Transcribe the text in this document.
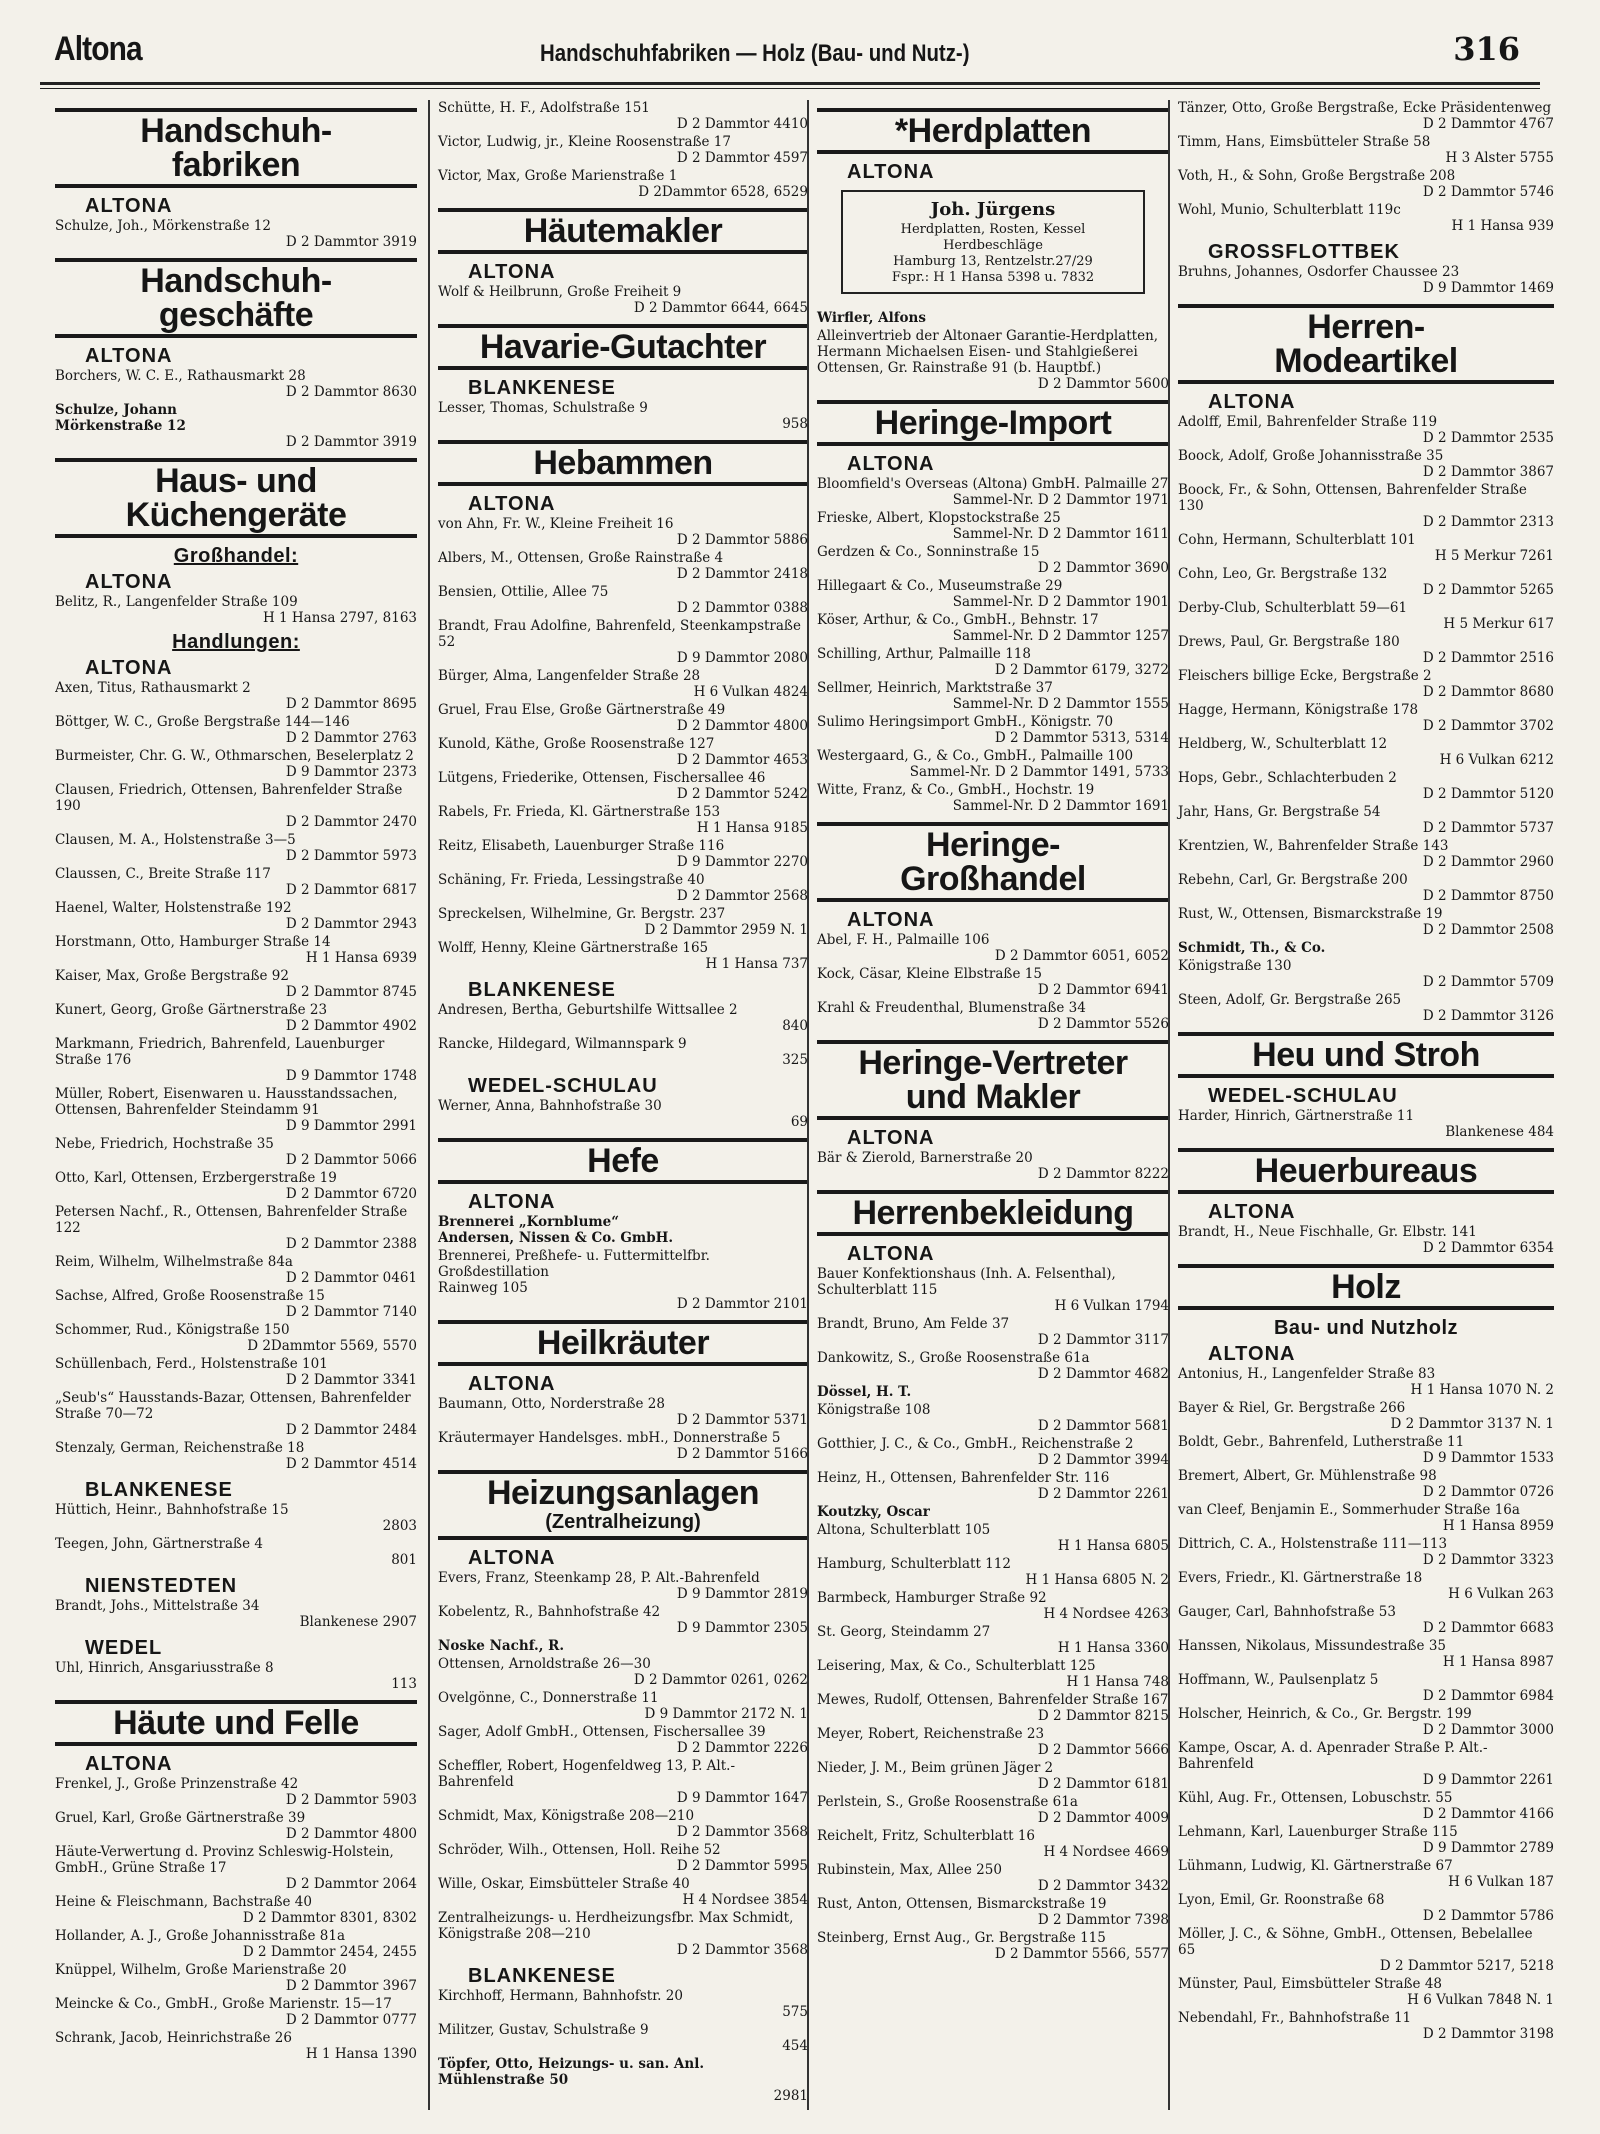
Altona	Handschuhfabriken — Holz (Bau- und Nutz-)	316
Handschuh-
fabriken
ALTONA
Schulze, Joh., Mörkenstraße 12
D 2 Dammtor 3919
Handschuh-
geschäfte
ALTONA
Borchers, W. C. E., Rathausmarkt 28
D 2 Dammtor 8630
Schulze, Johann
Mörkenstraße 12
D 2 Dammtor 3919
Haus- und
Küchengeräte
Großhandel:
ALTONA
Belitz, R., Langenfelder Straße 109
H 1 Hansa 2797, 8163
Handlungen:
ALTONA
Axen, Titus, Rathausmarkt 2
D 2 Dammtor 8695
Böttger, W. C., Große Bergstraße 144—146
D 2 Dammtor 2763
Burmeister, Chr. G. W., Othmarschen, Beselerplatz 2
D 9 Dammtor 2373
Clausen, Friedrich, Ottensen, Bahrenfelder Straße 190
D 2 Dammtor 2470
Clausen, M. A., Holstenstraße 3—5
D 2 Dammtor 5973
Claussen, C., Breite Straße 117
D 2 Dammtor 6817
Haenel, Walter, Holstenstraße 192
D 2 Dammtor 2943
Horstmann, Otto, Hamburger Straße 14
H 1 Hansa 6939
Kaiser, Max, Große Bergstraße 92
D 2 Dammtor 8745
Kunert, Georg, Große Gärtnerstraße 23
D 2 Dammtor 4902
Markmann, Friedrich, Bahrenfeld, Lauenburger Straße 176
D 9 Dammtor 1748
Müller, Robert, Eisenwaren u. Hausstandssachen, Ottensen, Bahrenfelder Steindamm 91
D 9 Dammtor 2991
Nebe, Friedrich, Hochstraße 35
D 2 Dammtor 5066
Otto, Karl, Ottensen, Erzbergerstraße 19
D 2 Dammtor 6720
Petersen Nachf., R., Ottensen, Bahrenfelder Straße 122
D 2 Dammtor 2388
Reim, Wilhelm, Wilhelmstraße 84a
D 2 Dammtor 0461
Sachse, Alfred, Große Roosenstraße 15
D 2 Dammtor 7140
Schommer, Rud., Königstraße 150
D 2Dammtor 5569, 5570
Schüllenbach, Ferd., Holstenstraße 101
D 2 Dammtor 3341
„Seub's“ Hausstands-Bazar, Ottensen, Bahrenfelder Straße 70—72
D 2 Dammtor 2484
Stenzaly, German, Reichenstraße 18
D 2 Dammtor 4514
BLANKENESE
Hüttich, Heinr., Bahnhofstraße 15
2803
Teegen, John, Gärtnerstraße 4
801
NIENSTEDTEN
Brandt, Johs., Mittelstraße 34
Blankenese 2907
WEDEL
Uhl, Hinrich, Ansgariusstraße 8
113
Häute und Felle
ALTONA
Frenkel, J., Große Prinzenstraße 42
D 2 Dammtor 5903
Gruel, Karl, Große Gärtnerstraße 39
D 2 Dammtor 4800
Häute-Verwertung d. Provinz Schleswig-Holstein, GmbH., Grüne Straße 17
D 2 Dammtor 2064
Heine & Fleischmann, Bachstraße 40
D 2 Dammtor 8301, 8302
Hollander, A. J., Große Johannisstraße 81a
D 2 Dammtor 2454, 2455
Knüppel, Wilhelm, Große Marienstraße 20
D 2 Dammtor 3967
Meincke & Co., GmbH., Große Marienstr. 15—17
D 2 Dammtor 0777
Schrank, Jacob, Heinrichstraße 26
H 1 Hansa 1390
Schütte, H. F., Adolfstraße 151
D 2 Dammtor 4410
Victor, Ludwig, jr., Kleine Roosenstraße 17
D 2 Dammtor 4597
Victor, Max, Große Marienstraße 1
D 2Dammtor 6528, 6529
Häutemakler
ALTONA
Wolf & Heilbrunn, Große Freiheit 9
D 2 Dammtor 6644, 6645
Havarie-Gutachter
BLANKENESE
Lesser, Thomas, Schulstraße 9
958
Hebammen
ALTONA
von Ahn, Fr. W., Kleine Freiheit 16
D 2 Dammtor 5886
Albers, M., Ottensen, Große Rainstraße 4
D 2 Dammtor 2418
Bensien, Ottilie, Allee 75
D 2 Dammtor 0388
Brandt, Frau Adolfine, Bahrenfeld, Steenkampstraße 52
D 9 Dammtor 2080
Bürger, Alma, Langenfelder Straße 28
H 6 Vulkan 4824
Gruel, Frau Else, Große Gärtnerstraße 49
D 2 Dammtor 4800
Kunold, Käthe, Große Roosenstraße 127
D 2 Dammtor 4653
Lütgens, Friederike, Ottensen, Fischersallee 46
D 2 Dammtor 5242
Rabels, Fr. Frieda, Kl. Gärtnerstraße 153
H 1 Hansa 9185
Reitz, Elisabeth, Lauenburger Straße 116
D 9 Dammtor 2270
Schäning, Fr. Frieda, Lessingstraße 40
D 2 Dammtor 2568
Spreckelsen, Wilhelmine, Gr. Bergstr. 237
D 2 Dammtor 2959 N. 1
Wolff, Henny, Kleine Gärtnerstraße 165
H 1 Hansa 737
BLANKENESE
Andresen, Bertha, Geburtshilfe Wittsallee 2
840
Rancke, Hildegard, Wilmannspark 9
325
WEDEL-SCHULAU
Werner, Anna, Bahnhofstraße 30
69
Hefe
ALTONA
Brennerei „Kornblume“
Andersen, Nissen & Co. GmbH.
Brennerei, Preßhefe- u. Futtermittelfbr. Großdestillation
Rainweg 105
D 2 Dammtor 2101
Heilkräuter
ALTONA
Baumann, Otto, Norderstraße 28
D 2 Dammtor 5371
Kräutermayer Handelsges. mbH., Donnerstraße 5
D 2 Dammtor 5166
Heizungsanlagen
(Zentralheizung)
ALTONA
Evers, Franz, Steenkamp 28, P. Alt.-Bahrenfeld
D 9 Dammtor 2819
Kobelentz, R., Bahnhofstraße 42
D 9 Dammtor 2305
Noske Nachf., R.
Ottensen, Arnoldstraße 26—30
D 2 Dammtor 0261, 0262
Ovelgönne, C., Donnerstraße 11
D 9 Dammtor 2172 N. 1
Sager, Adolf GmbH., Ottensen, Fischersallee 39
D 2 Dammtor 2226
Scheffler, Robert, Hogenfeldweg 13, P. Alt.-Bahrenfeld
D 9 Dammtor 1647
Schmidt, Max, Königstraße 208—210
D 2 Dammtor 3568
Schröder, Wilh., Ottensen, Holl. Reihe 52
D 2 Dammtor 5995
Wille, Oskar, Eimsbütteler Straße 40
H 4 Nordsee 3854
Zentralheizungs- u. Herdheizungsfbr. Max Schmidt, Königstraße 208—210
D 2 Dammtor 3568
BLANKENESE
Kirchhoff, Hermann, Bahnhofstr. 20
575
Militzer, Gustav, Schulstraße 9
454
Töpfer, Otto, Heizungs- u. san. Anl. Mühlenstraße 50
2981
*Herdplatten
ALTONA
Joh. Jürgens
Herdplatten, Rosten, Kessel
Herdbeschläge
Hamburg 13, Rentzelstr.27/29
Fspr.: H 1 Hansa 5398 u. 7832
Wirfler, Alfons
Alleinvertrieb der Altonaer Garantie-Herdplatten, Hermann Michaelsen Eisen- und Stahlgießerei Ottensen, Gr. Rainstraße 91 (b. Hauptbf.)
D 2 Dammtor 5600
Heringe-Import
ALTONA
Bloomfield's Overseas (Altona) GmbH. Palmaille 27
Sammel-Nr. D 2 Dammtor 1971
Frieske, Albert, Klopstockstraße 25
Sammel-Nr. D 2 Dammtor 1611
Gerdzen & Co., Sonninstraße 15
D 2 Dammtor 3690
Hillegaart & Co., Museumstraße 29
Sammel-Nr. D 2 Dammtor 1901
Köser, Arthur, & Co., GmbH., Behnstr. 17
Sammel-Nr. D 2 Dammtor 1257
Schilling, Arthur, Palmaille 118
D 2 Dammtor 6179, 3272
Sellmer, Heinrich, Marktstraße 37
Sammel-Nr. D 2 Dammtor 1555
Sulimo Heringsimport GmbH., Königstr. 70
D 2 Dammtor 5313, 5314
Westergaard, G., & Co., GmbH., Palmaille 100
Sammel-Nr. D 2 Dammtor 1491, 5733
Witte, Franz, & Co., GmbH., Hochstr. 19
Sammel-Nr. D 2 Dammtor 1691
Heringe-
Großhandel
ALTONA
Abel, F. H., Palmaille 106
D 2 Dammtor 6051, 6052
Kock, Cäsar, Kleine Elbstraße 15
D 2 Dammtor 6941
Krahl & Freudenthal, Blumenstraße 34
D 2 Dammtor 5526
Heringe-Vertreter
und Makler
ALTONA
Bär & Zierold, Barnerstraße 20
D 2 Dammtor 8222
Herrenbekleidung
ALTONA
Bauer Konfektionshaus (Inh. A. Felsenthal), Schulterblatt 115
H 6 Vulkan 1794
Brandt, Bruno, Am Felde 37
D 2 Dammtor 3117
Dankowitz, S., Große Roosenstraße 61a
D 2 Dammtor 4682
Dössel, H. T.
Königstraße 108
D 2 Dammtor 5681
Gotthier, J. C., & Co., GmbH., Reichenstraße 2
D 2 Dammtor 3994
Heinz, H., Ottensen, Bahrenfelder Str. 116
D 2 Dammtor 2261
Koutzky, Oscar
Altona, Schulterblatt 105
H 1 Hansa 6805
Hamburg, Schulterblatt 112
H 1 Hansa 6805 N. 2
Barmbeck, Hamburger Straße 92
H 4 Nordsee 4263
St. Georg, Steindamm 27
H 1 Hansa 3360
Leisering, Max, & Co., Schulterblatt 125
H 1 Hansa 748
Mewes, Rudolf, Ottensen, Bahrenfelder Straße 167
D 2 Dammtor 8215
Meyer, Robert, Reichenstraße 23
D 2 Dammtor 5666
Nieder, J. M., Beim grünen Jäger 2
D 2 Dammtor 6181
Perlstein, S., Große Roosenstraße 61a
D 2 Dammtor 4009
Reichelt, Fritz, Schulterblatt 16
H 4 Nordsee 4669
Rubinstein, Max, Allee 250
D 2 Dammtor 3432
Rust, Anton, Ottensen, Bismarckstraße 19
D 2 Dammtor 7398
Steinberg, Ernst Aug., Gr. Bergstraße 115
D 2 Dammtor 5566, 5577
Tänzer, Otto, Große Bergstraße, Ecke Präsidentenweg
D 2 Dammtor 4767
Timm, Hans, Eimsbütteler Straße 58
H 3 Alster 5755
Voth, H., & Sohn, Große Bergstraße 208
D 2 Dammtor 5746
Wohl, Munio, Schulterblatt 119c
H 1 Hansa 939
GROSSFLOTTBEK
Bruhns, Johannes, Osdorfer Chaussee 23
D 9 Dammtor 1469
Herren-
Modeartikel
ALTONA
Adolff, Emil, Bahrenfelder Straße 119
D 2 Dammtor 2535
Boock, Adolf, Große Johannisstraße 35
D 2 Dammtor 3867
Boock, Fr., & Sohn, Ottensen, Bahrenfelder Straße 130
D 2 Dammtor 2313
Cohn, Hermann, Schulterblatt 101
H 5 Merkur 7261
Cohn, Leo, Gr. Bergstraße 132
D 2 Dammtor 5265
Derby-Club, Schulterblatt 59—61
H 5 Merkur 617
Drews, Paul, Gr. Bergstraße 180
D 2 Dammtor 2516
Fleischers billige Ecke, Bergstraße 2
D 2 Dammtor 8680
Hagge, Hermann, Königstraße 178
D 2 Dammtor 3702
Heldberg, W., Schulterblatt 12
H 6 Vulkan 6212
Hops, Gebr., Schlachterbuden 2
D 2 Dammtor 5120
Jahr, Hans, Gr. Bergstraße 54
D 2 Dammtor 5737
Krentzien, W., Bahrenfelder Straße 143
D 2 Dammtor 2960
Rebehn, Carl, Gr. Bergstraße 200
D 2 Dammtor 8750
Rust, W., Ottensen, Bismarckstraße 19
D 2 Dammtor 2508
Schmidt, Th., & Co.
Königstraße 130
D 2 Dammtor 5709
Steen, Adolf, Gr. Bergstraße 265
D 2 Dammtor 3126
Heu und Stroh
WEDEL-SCHULAU
Harder, Hinrich, Gärtnerstraße 11
Blankenese 484
Heuerbureaus
ALTONA
Brandt, H., Neue Fischhalle, Gr. Elbstr. 141
D 2 Dammtor 6354
Holz
Bau- und Nutzholz
ALTONA
Antonius, H., Langenfelder Straße 83
H 1 Hansa 1070 N. 2
Bayer & Riel, Gr. Bergstraße 266
D 2 Dammtor 3137 N. 1
Boldt, Gebr., Bahrenfeld, Lutherstraße 11
D 9 Dammtor 1533
Bremert, Albert, Gr. Mühlenstraße 98
D 2 Dammtor 0726
van Cleef, Benjamin E., Sommerhuder Straße 16a
H 1 Hansa 8959
Dittrich, C. A., Holstenstraße 111—113
D 2 Dammtor 3323
Evers, Friedr., Kl. Gärtnerstraße 18
H 6 Vulkan 263
Gauger, Carl, Bahnhofstraße 53
D 2 Dammtor 6683
Hanssen, Nikolaus, Missundestraße 35
H 1 Hansa 8987
Hoffmann, W., Paulsenplatz 5
D 2 Dammtor 6984
Holscher, Heinrich, & Co., Gr. Bergstr. 199
D 2 Dammtor 3000
Kampe, Oscar, A. d. Apenrader Straße P. Alt.-Bahrenfeld
D 9 Dammtor 2261
Kühl, Aug. Fr., Ottensen, Lobuschstr. 55
D 2 Dammtor 4166
Lehmann, Karl, Lauenburger Straße 115
D 9 Dammtor 2789
Lühmann, Ludwig, Kl. Gärtnerstraße 67
H 6 Vulkan 187
Lyon, Emil, Gr. Roonstraße 68
D 2 Dammtor 5786
Möller, J. C., & Söhne, GmbH., Ottensen, Bebelallee 65
D 2 Dammtor 5217, 5218
Münster, Paul, Eimsbütteler Straße 48
H 6 Vulkan 7848 N. 1
Nebendahl, Fr., Bahnhofstraße 11
D 2 Dammtor 3198
